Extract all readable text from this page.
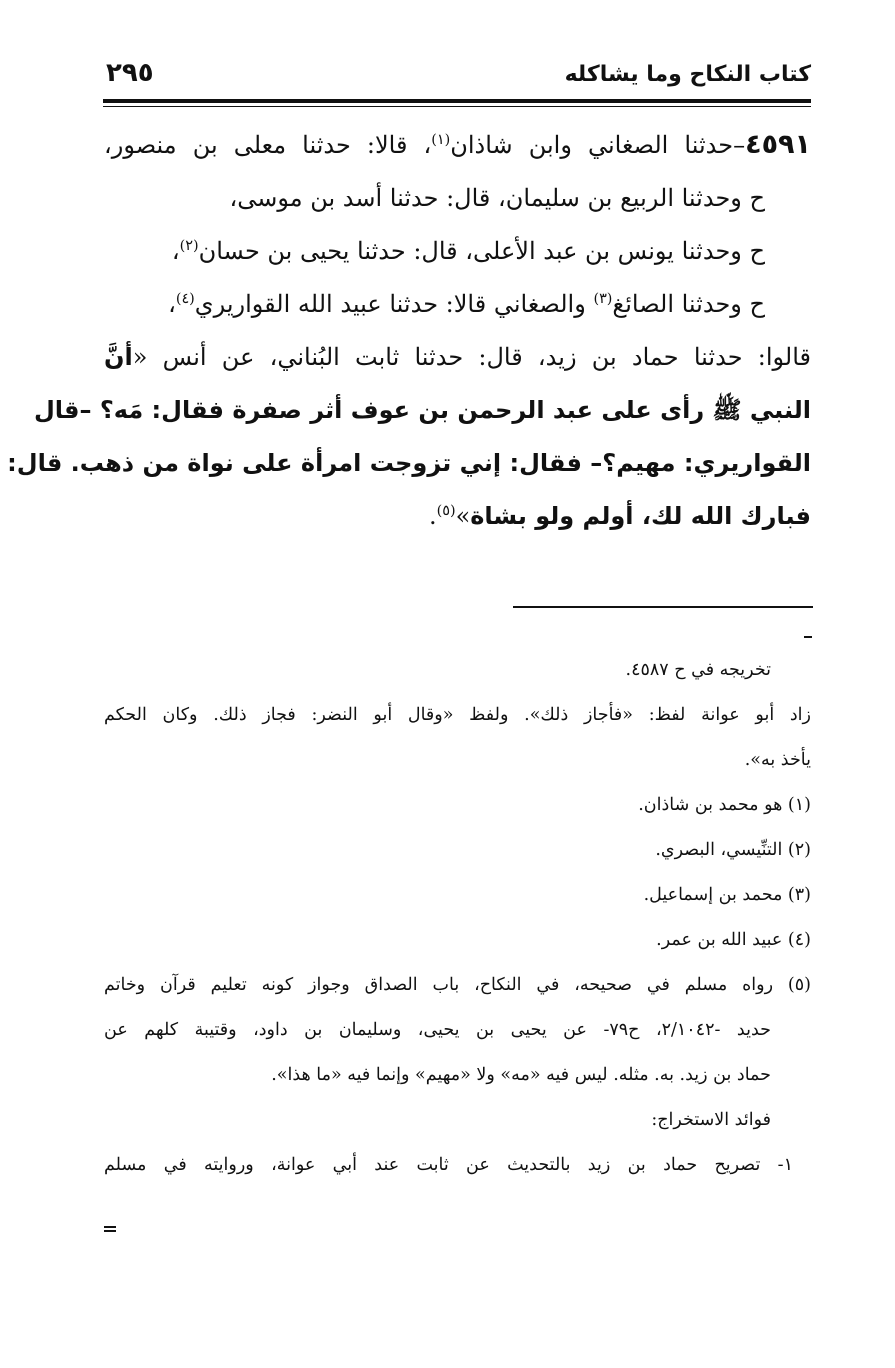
كتاب النكاح وما يشاكله
٢٩٥
٤٥٩١–حدثنا الصغاني وابن شاذان$^{(١)}$، قالا: حدثنا معلى بن منصور،
ح وحدثنا الربيع بن سليمان، قال: حدثنا أسد بن موسى،
ح وحدثنا يونس بن عبد الأعلى، قال: حدثنا يحيى بن حسان$^{(٢)}$،
ح وحدثنا الصائغ$^{(٣)}$ والصغاني قالا: حدثنا عبيد الله القواريري$^{(٤)}$،
قالوا: حدثنا حماد بن زيد، قال: حدثنا ثابت البُناني، عن أنس «أنَّ
النبي ﷺ رأى على عبد الرحمن بن عوف أثر صفرة فقال: مَه؟ –قال
القواريري: مهيم؟– فقال: إني تزوجت امرأة على نواة من ذهب. قال:
فبارك الله لك، أولم ولو بشاة»$^{(٥)}$.
تخريجه في ح ٤٥٨٧.
زاد أبو عوانة لفظ: «فأجاز ذلك». ولفظ «وقال أبو النضر: فجاز ذلك. وكان الحكم
يأخذ به».
(١) هو محمد بن شاذان.
(٢) التنِّيسي، البصري.
(٣) محمد بن إسماعيل.
(٤) عبيد الله بن عمر.
(٥) رواه مسلم في صحيحه، في النكاح، باب الصداق وجواز كونه تعليم قرآن وخاتم
حديد -٢/١٠٤٢، ح٧٩- عن يحيى بن يحيى، وسليمان بن داود، وقتيبة كلهم عن
حماد بن زيد. به. مثله. ليس فيه «مه» ولا «مهيم» وإنما فيه «ما هذا».
فوائد الاستخراج:
١- تصريح حماد بن زيد بالتحديث عن ثابت عند أبي عوانة، وروايته في مسلم
